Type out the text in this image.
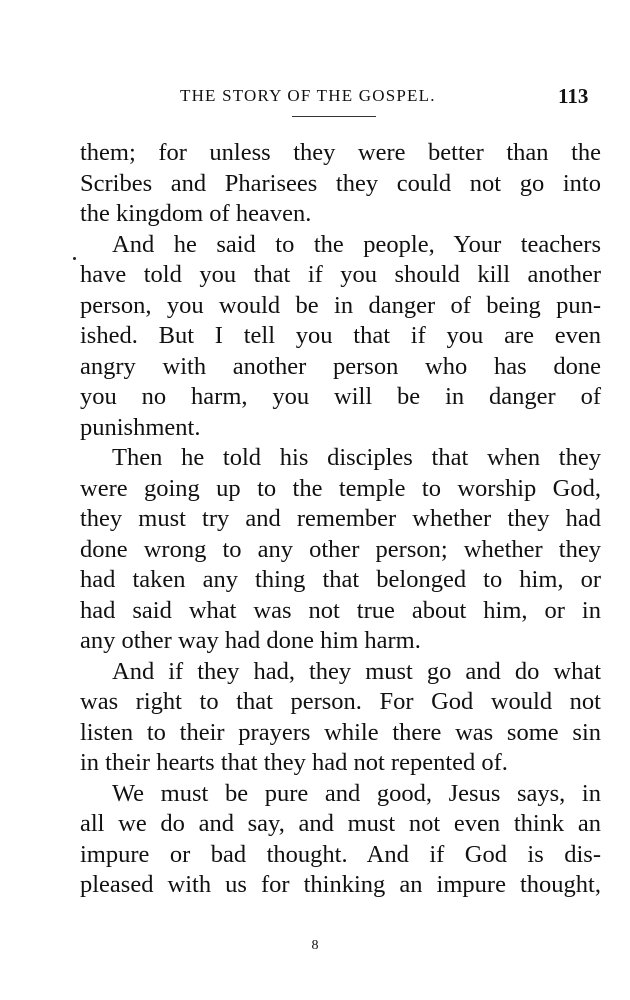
THE STORY OF THE GOSPEL.	113
them; for unless they were better than the
Scribes and Pharisees they could not go into
the kingdom of heaven.
And he said to the people, Your teachers
have told you that if you should kill another
person, you would be in danger of being pun-
ished. But I tell you that if you are even
angry with another person who has done
you no harm, you will be in danger of
punishment.
Then he told his disciples that when they
were going up to the temple to worship God,
they must try and remember whether they had
done wrong to any other person; whether they
had taken any thing that belonged to him, or
had said what was not true about him, or in
any other way had done him harm.
And if they had, they must go and do what
was right to that person. For God would not
listen to their prayers while there was some sin
in their hearts that they had not repented of.
We must be pure and good, Jesus says, in
all we do and say, and must not even think an
impure or bad thought. And if God is dis-
pleased with us for thinking an impure thought,
8
